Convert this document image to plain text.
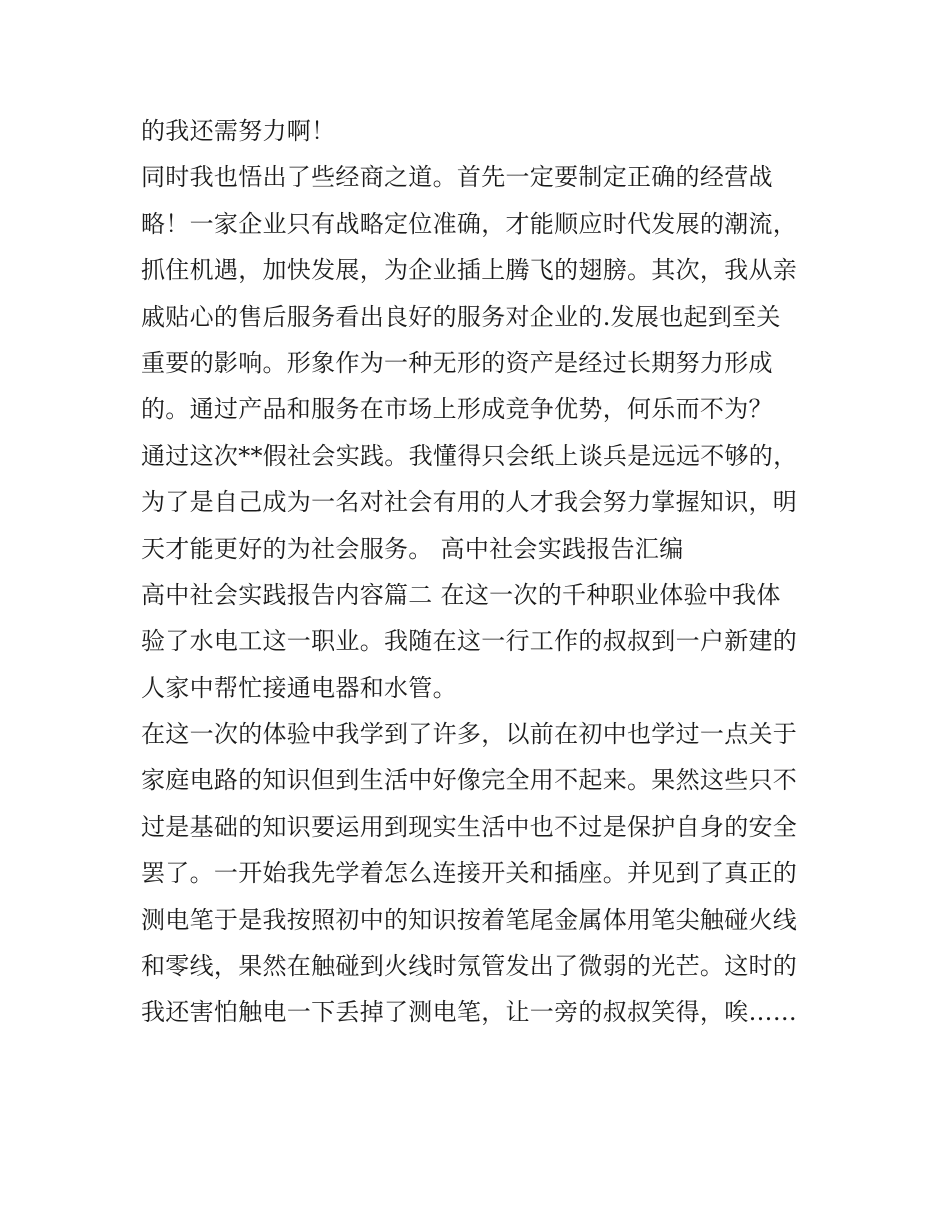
的我还需努力啊！
同时我也悟出了些经商之道。首先一定要制定正确的经营战
略！一家企业只有战略定位准确，才能顺应时代发展的潮流，
抓住机遇，加快发展，为企业插上腾飞的翅膀。其次，我从亲
戚贴心的售后服务看出良好的服务对企业的.发展也起到至关
重要的影响。形象作为一种无形的资产是经过长期努力形成
的。通过产品和服务在市场上形成竞争优势，何乐而不为？
通过这次**假社会实践。我懂得只会纸上谈兵是远远不够的，
为了是自己成为一名对社会有用的人才我会努力掌握知识，明
天才能更好的为社会服务。 高中社会实践报告汇编
高中社会实践报告内容篇二 在这一次的千种职业体验中我体
验了水电工这一职业。我随在这一行工作的叔叔到一户新建的
人家中帮忙接通电器和水管。
在这一次的体验中我学到了许多，以前在初中也学过一点关于
家庭电路的知识但到生活中好像完全用不起来。果然这些只不
过是基础的知识要运用到现实生活中也不过是保护自身的安全
罢了。一开始我先学着怎么连接开关和插座。并见到了真正的
测电笔于是我按照初中的知识按着笔尾金属体用笔尖触碰火线
和零线，果然在触碰到火线时氖管发出了微弱的光芒。这时的
我还害怕触电一下丢掉了测电笔，让一旁的叔叔笑得，唉……
